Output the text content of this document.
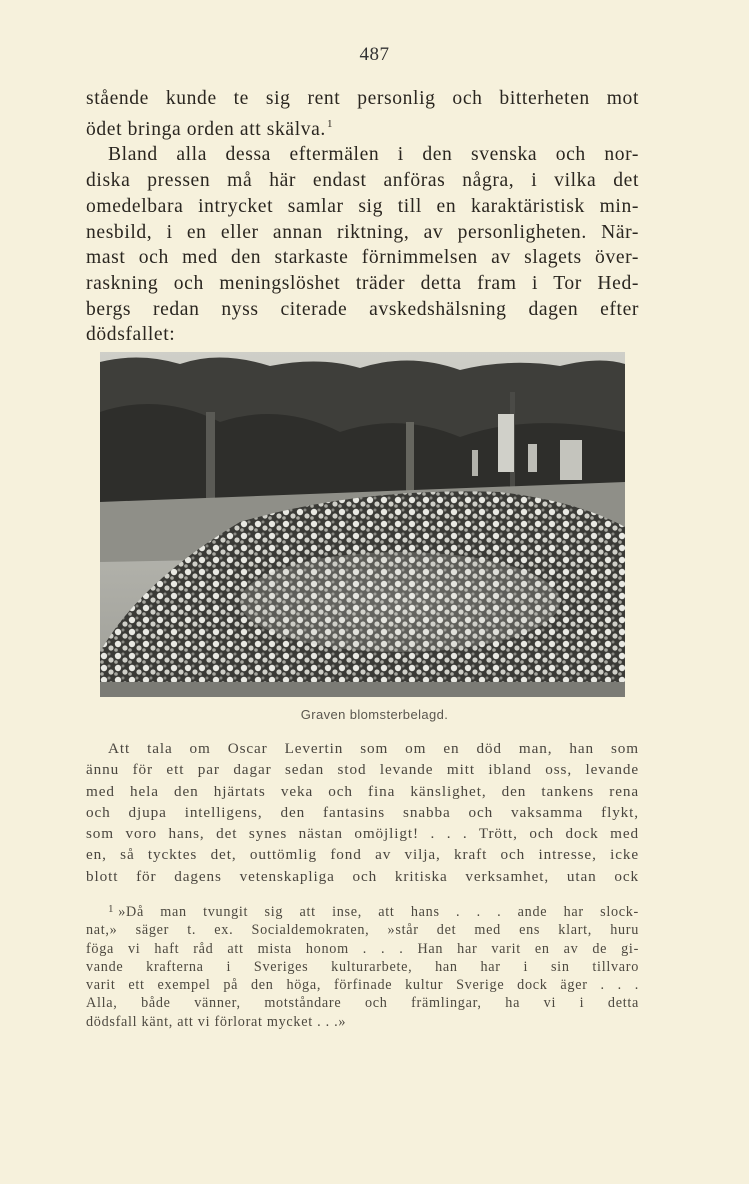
487
stående kunde te sig rent personlig och bitterheten mot
ödet bringa orden att skälva.$^1$
Bland alla dessa eftermälen i den svenska och nor-
diska pressen må här endast anföras några, i vilka det
omedelbara intrycket samlar sig till en karaktäristisk min-
nesbild, i en eller annan riktning, av personligheten. När-
mast och med den starkaste förnimmelsen av slagets över-
raskning och meningslöshet träder detta fram i Tor Hed-
bergs redan nyss citerade avskedshälsning dagen efter
dödsfallet:
Graven blomsterbelagd.
Att tala om Oscar Levertin som om en död man, han som
ännu för ett par dagar sedan stod levande mitt ibland oss, levande
med hela den hjärtats veka och fina känslighet, den tankens rena
och djupa intelligens, den fantasins snabba och vaksamma flykt,
som voro hans, det synes nästan omöjligt! . . . Trött, och dock med
en, så tycktes det, outtömlig fond av vilja, kraft och intresse, icke
blott för dagens vetenskapliga och kritiska verksamhet, utan ock
$^1$ »Då man tvungit sig att inse, att hans . . . ande har slock-
nat,» säger t. ex. Socialdemokraten, »står det med ens klart, huru
föga vi haft råd att mista honom . . . Han har varit en av de gi-
vande krafterna i Sveriges kulturarbete, han har i sin tillvaro
varit ett exempel på den höga, förfinade kultur Sverige dock äger . . .
Alla, både vänner, motståndare och främlingar, ha vi i detta
dödsfall känt, att vi förlorat mycket . . .»
